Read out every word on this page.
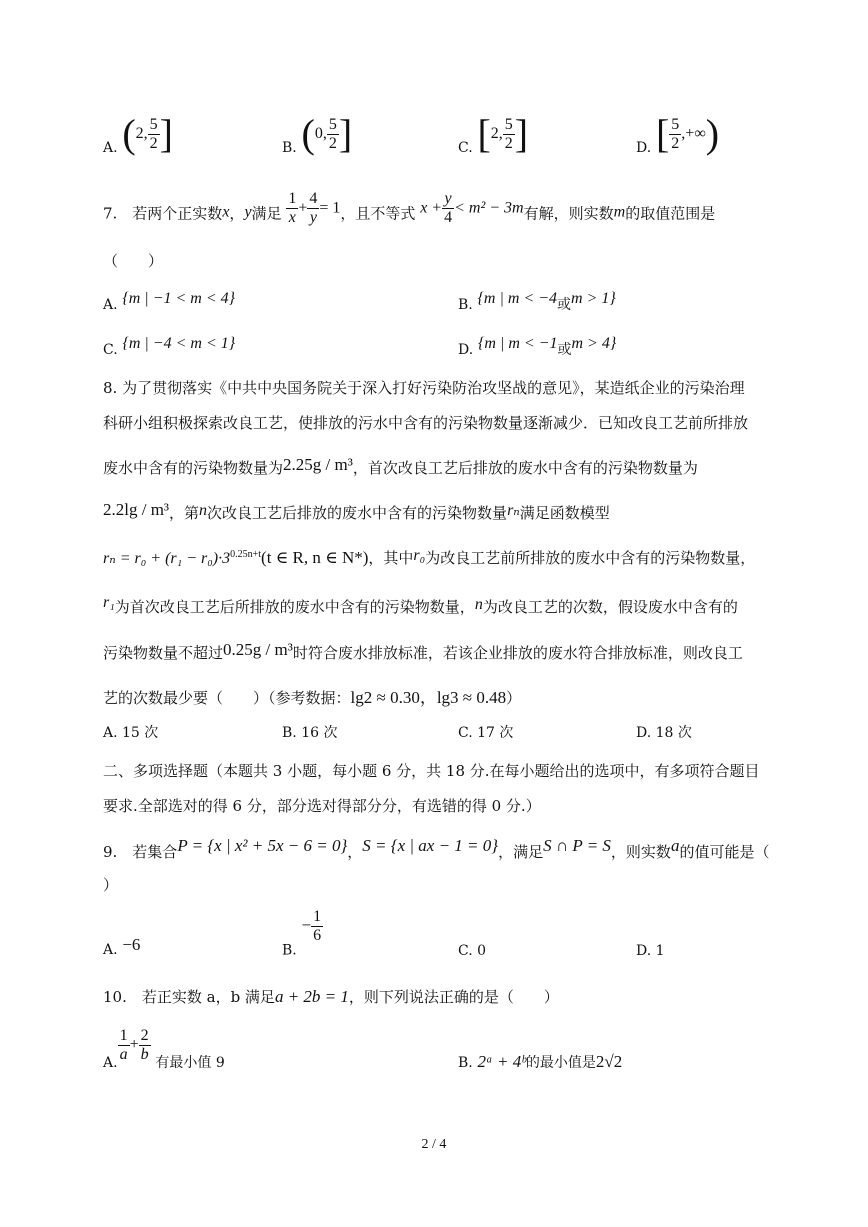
A. (2, $\frac{5}{2}$ ]	B. (0, $\frac{5}{2}$ ]	C. [2, $\frac{5}{2}$ ]	D. [ $\frac{5}{2}$ ,+∞)
7.　若两个正实数x，y满足 $\frac{1}{x} + \frac{4}{y} = 1$，且不等式 $x + \frac{y}{4} < m^2 - 3m$有解，则实数m的取值范围是
（　　）
A. {m | −1 < m < 4}	B. {m | m < −4或m > 1}
C. {m | −4 < m < 1}	D. {m | m < −1或m > 4}
8. 为了贯彻落实《中共中央国务院关于深入打好污染防治攻坚战的意见》，某造纸企业的污染治理
科研小组积极探索改良工艺，使排放的污水中含有的污染物数量逐渐减少．已知改良工艺前所排放
废水中含有的污染物数量为2.25g / m³，首次改良工艺后排放的废水中含有的污染物数量为
2.2lg / m³，第n次改良工艺后排放的废水中含有的污染物数量rₙ满足函数模型
$r_n = r_0 + (r_1 - r_0)\cdot 3^{0.25n+t}(t$ ∈ R, n ∈ N*)，其中r₀为改良工艺前所排放的废水中含有的污染物数量，
r₁为首次改良工艺后所排放的废水中含有的污染物数量，n为改良工艺的次数，假设废水中含有的
污染物数量不超过0.25g / m³时符合废水排放标准，若该企业排放的废水符合排放标准，则改良工
艺的次数最少要（　　）（参考数据：lg2 ≈ 0.30，lg3 ≈ 0.48）
A. 15 次	B. 16 次	C. 17 次	D. 18 次
二、多项选择题（本题共 3 小题，每小题 6 分，共 18 分.在每小题给出的选项中，有多项符合题目
要求.全部选对的得 6 分，部分选对得部分分，有选错的得 0 分.）
9.　若集合P = {x | x² + 5x − 6 = 0}，S = {x | ax − 1 = 0}，满足S ∩ P = S，则实数a的值可能是（
）
A. −6	B. − $\frac{1}{6}$
C. 0	D. 1
10.　若正实数 a，b 满足a + 2b = 1，则下列说法正确的是（　　）
A. $\frac{1}{a} + \frac{2}{b}$ 有最小值 9	B. 2ᵃ + 4ᵇ的最小值是2√2
2 / 4
